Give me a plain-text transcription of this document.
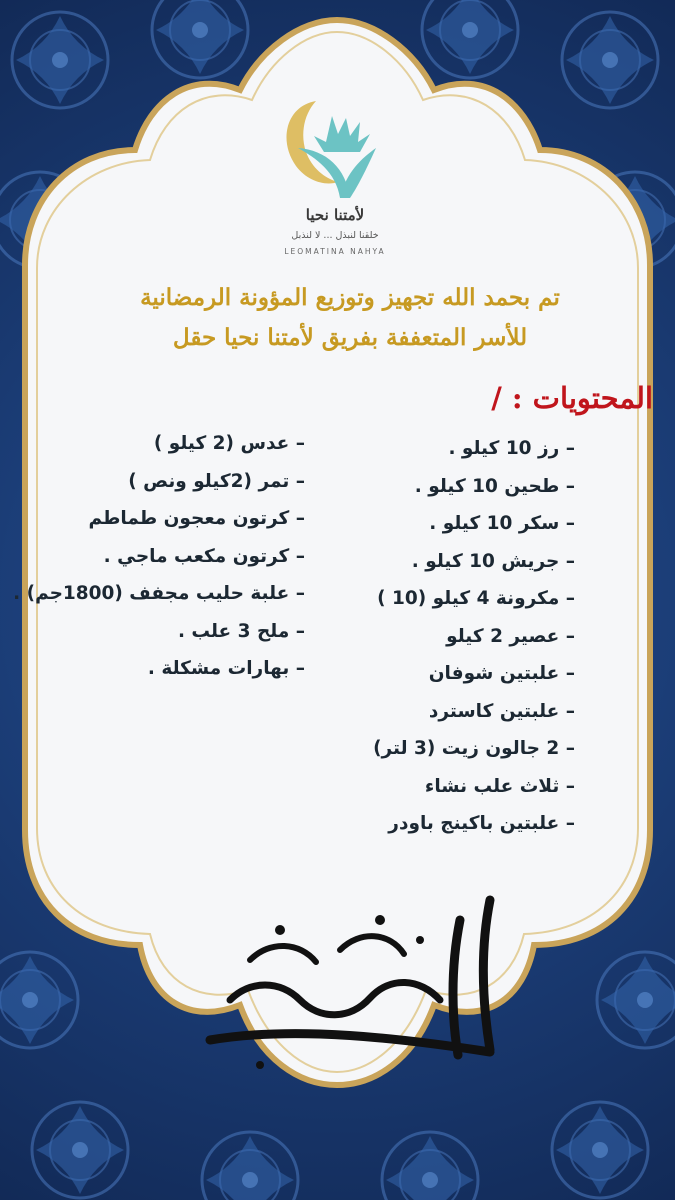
لأمتنا نحيا
خلقنا لنبذل ... لا لنذبل
LEOMATINA NAHYA
تم بحمد الله تجهيز وتوزيع المؤونة الرمضانية
للأسر المتعففة بفريق لأمتنا نحيا حقل
المحتويات : /
– رز 10 كيلو .
– طحين 10 كيلو .
– سكر 10 كيلو .
– جريش 10 كيلو .
– مكرونة 4 كيلو (10 )
– عصير 2 كيلو
– علبتين شوفان
– علبتين كاسترد
– 2 جالون زيت (3 لتر)
– ثلاث علب نشاء
– علبتين باكينج باودر
– عدس (2 كيلو )
– تمر (2كيلو ونص )
– كرتون معجون طماطم
– كرتون مكعب ماجي .
– علبة حليب مجفف (1800جم) .
– ملح 3 علب .
– بهارات مشكلة .
